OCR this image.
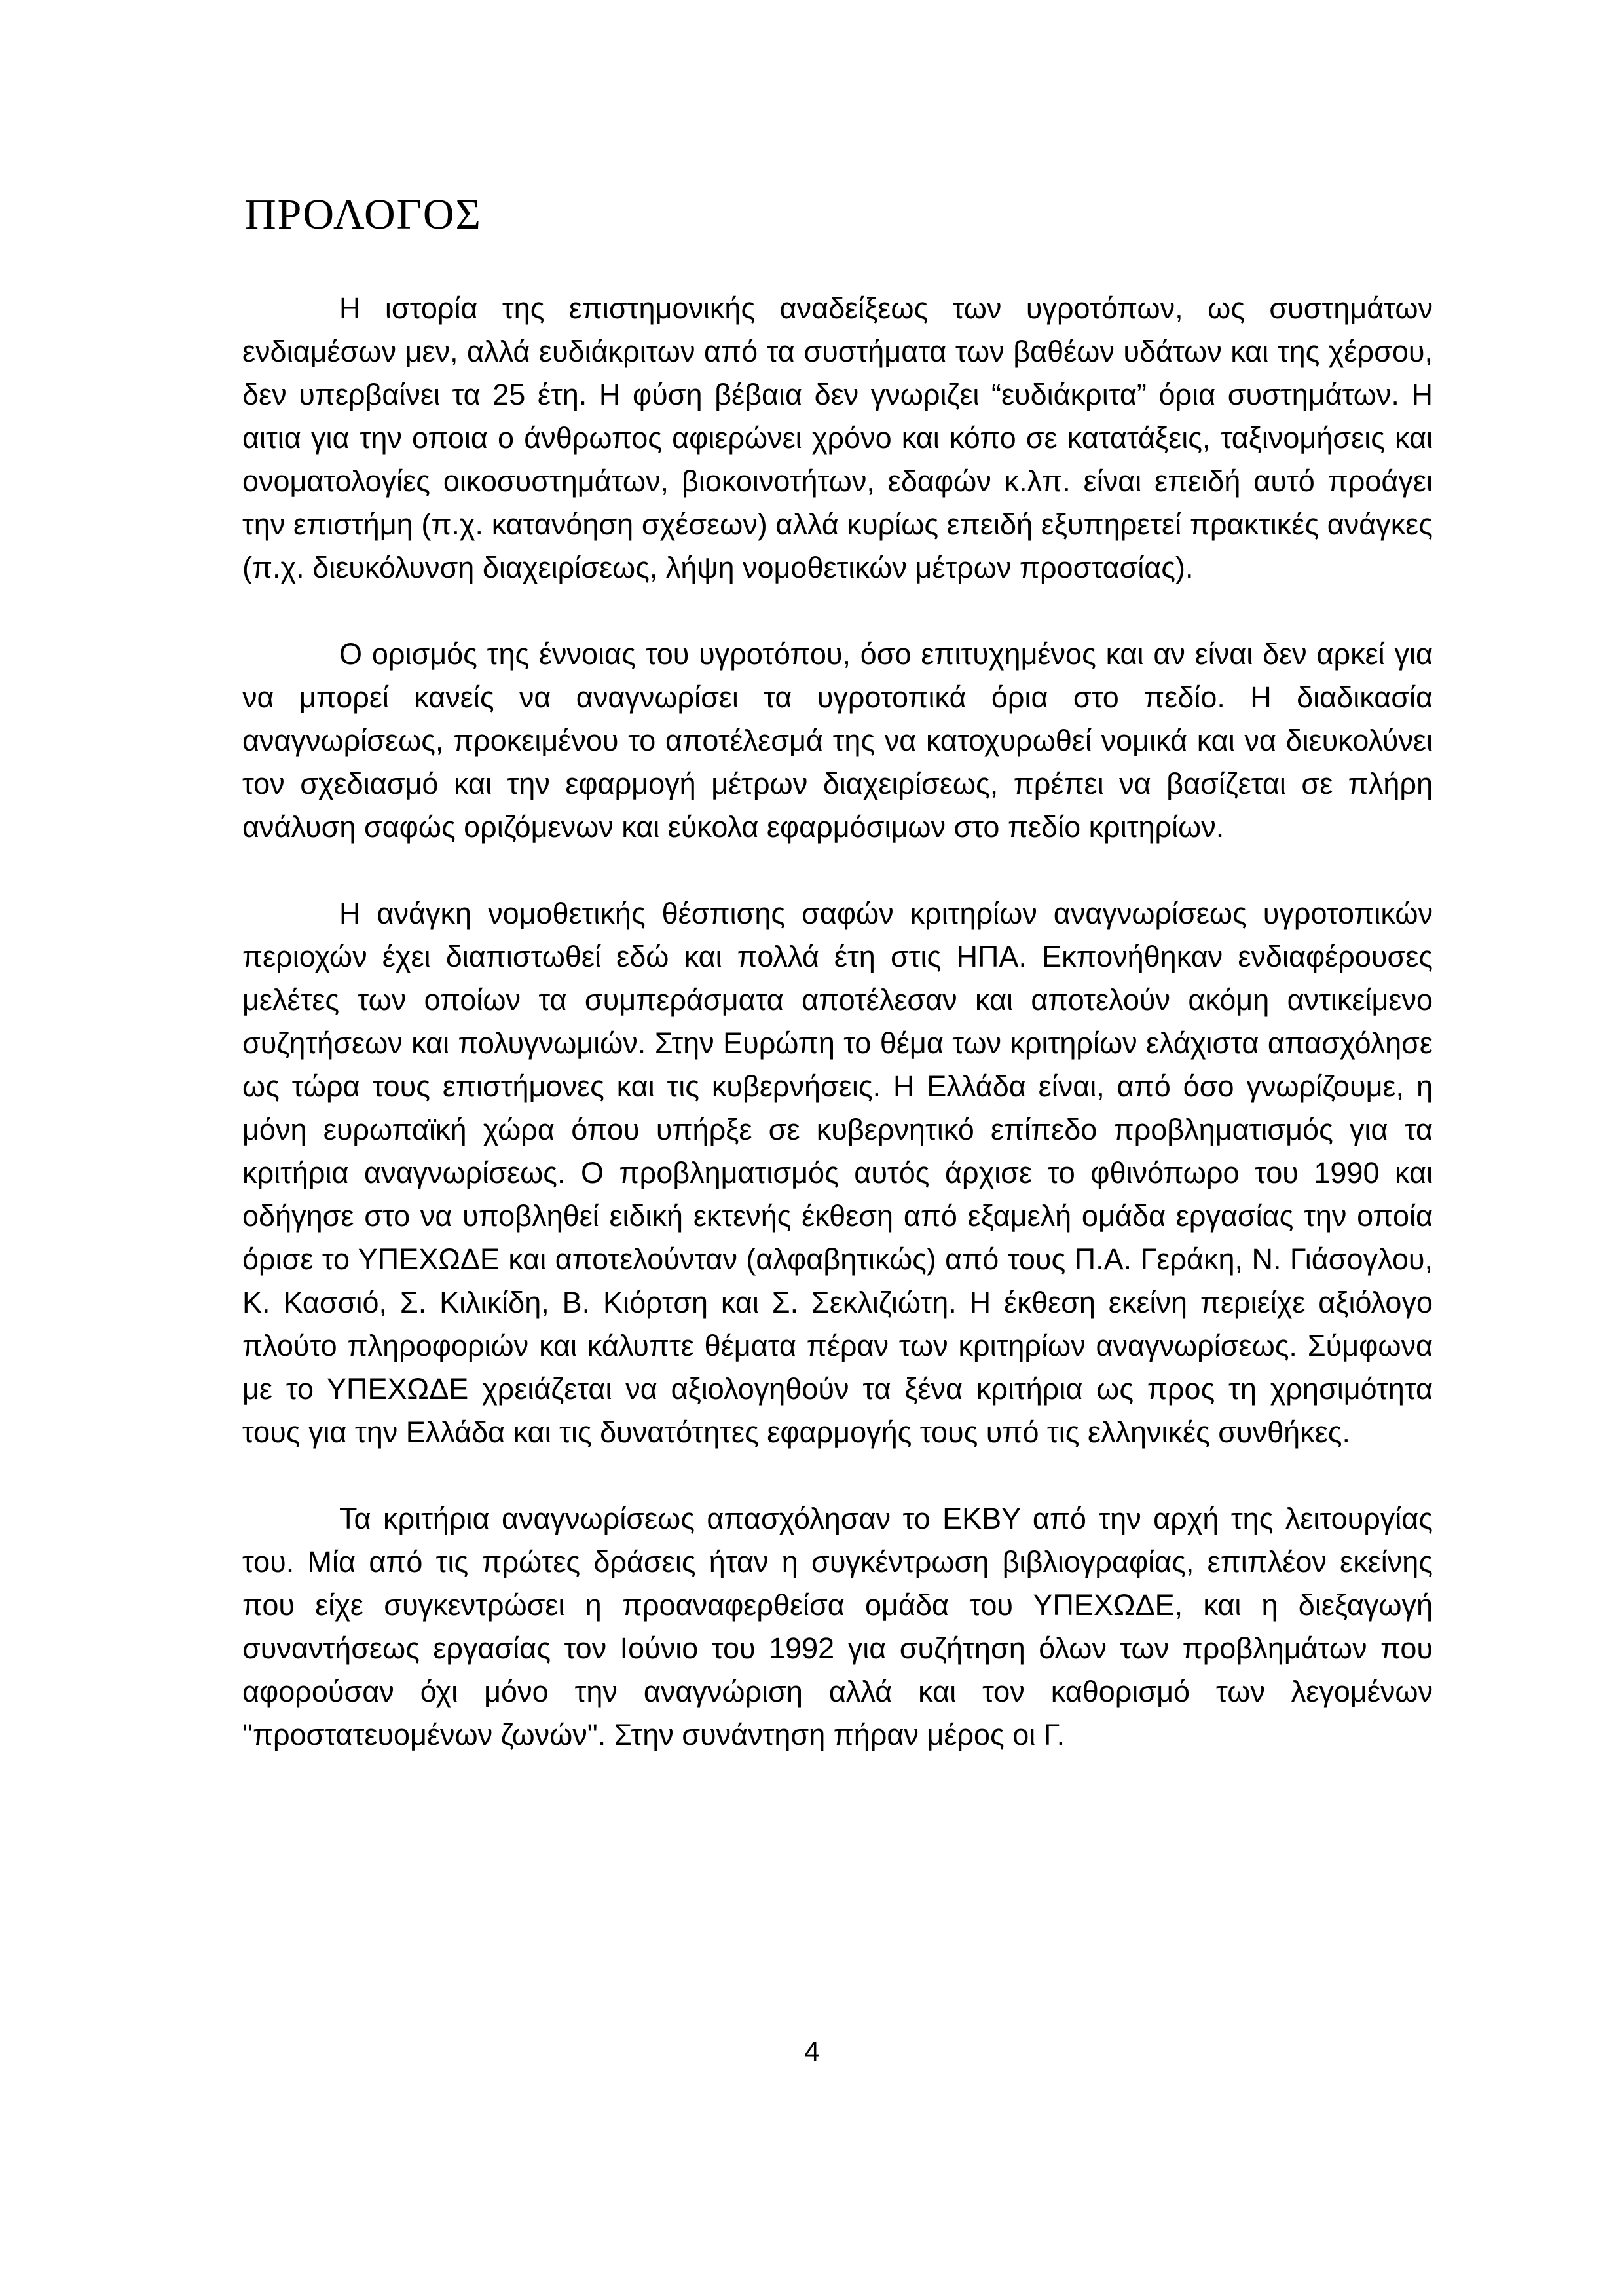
ΠΡΟΛΟΓΟΣ

Η ιστορία της επιστημονικής αναδείξεως των υγροτόπων, ως συστημάτων ενδιαμέσων μεν, αλλά ευδιάκριτων από τα συστήματα των βαθέων υδάτων και της χέρσου, δεν υπερβαίνει τα 25 έτη. Η φύση βέβαια δεν γνωριζει “ευδιάκριτα” όρια συστημάτων. Η αιτια για την οποια ο άνθρωπος αφιερώνει χρόνο και κόπο σε κατατάξεις, ταξινομήσεις και ονοματολογίες οικοσυστημάτων, βιοκοινοτήτων, εδαφών κ.λπ. είναι επειδή αυτό προάγει την επιστήμη (π.χ. κατανόηση σχέσεων) αλλά κυρίως επειδή εξυπηρετεί πρακτικές ανάγκες (π.χ. διευκόλυνση διαχειρίσεως, λήψη νομοθετικών μέτρων προστασίας).

Ο ορισμός της έννοιας του υγροτόπου, όσο επιτυχημένος και αν είναι δεν αρκεί για να μπορεί κανείς να αναγνωρίσει τα υγροτοπικά όρια στο πεδίο. Η διαδικασία αναγνωρίσεως, προκειμένου το αποτέλεσμά της να κατοχυρωθεί νομικά και να διευκολύνει τον σχεδιασμό και την εφαρμογή μέτρων διαχειρίσεως, πρέπει να βασίζεται σε πλήρη ανάλυση σαφώς οριζόμενων και εύκολα εφαρμόσιμων στο πεδίο κριτηρίων.

Η ανάγκη νομοθετικής θέσπισης σαφών κριτηρίων αναγνωρίσεως υγροτοπικών περιοχών έχει διαπιστωθεί εδώ και πολλά έτη στις ΗΠΑ. Εκπονήθηκαν ενδιαφέρουσες μελέτες των οποίων τα συμπεράσματα αποτέλεσαν και αποτελούν ακόμη αντικείμενο συζητήσεων και πολυγνωμιών. Στην Ευρώπη το θέμα των κριτηρίων ελάχιστα απασχόλησε ως τώρα τους επιστήμονες και τις κυβερνήσεις. Η Ελλάδα είναι, από όσο γνωρίζουμε, η μόνη ευρωπαϊκή χώρα όπου υπήρξε σε κυβερνητικό επίπεδο προβληματισμός για τα κριτήρια αναγνωρίσεως. Ο προβληματισμός αυτός άρχισε το φθινόπωρο του 1990 και οδήγησε στο να υποβληθεί ειδική εκτενής έκθεση από εξαμελή ομάδα εργασίας την οποία όρισε το ΥΠΕΧΩΔΕ και αποτελούνταν (αλφαβητικώς) από τους Π.Α. Γεράκη, Ν. Γιάσογλου, Κ. Κασσιό, Σ. Κιλικίδη, Β. Κιόρτση και Σ. Σεκλιζιώτη. Η έκθεση εκείνη περιείχε αξιόλογο πλούτο πληροφοριών και κάλυπτε θέματα πέραν των κριτηρίων αναγνωρίσεως. Σύμφωνα με το ΥΠΕΧΩΔΕ χρειάζεται να αξιολογηθούν τα ξένα κριτήρια ως προς τη χρησιμότητα τους για την Ελλάδα και τις δυνατότητες εφαρμογής τους υπό τις ελληνικές συνθήκες.

Τα κριτήρια αναγνωρίσεως απασχόλησαν το ΕΚΒΥ από την αρχή της λειτουργίας του. Μία από τις πρώτες δράσεις ήταν η συγκέντρωση βιβλιογραφίας, επιπλέον εκείνης που είχε συγκεντρώσει η προαναφερθείσα ομάδα του ΥΠΕΧΩΔΕ, και η διεξαγωγή συναντήσεως εργασίας τον Ιούνιο του 1992 για συζήτηση όλων των προβλημάτων που αφορούσαν όχι μόνο την αναγνώριση αλλά και τον καθορισμό των λεγομένων "προστατευομένων ζωνών". Στην συνάντηση πήραν μέρος οι Γ.

4
